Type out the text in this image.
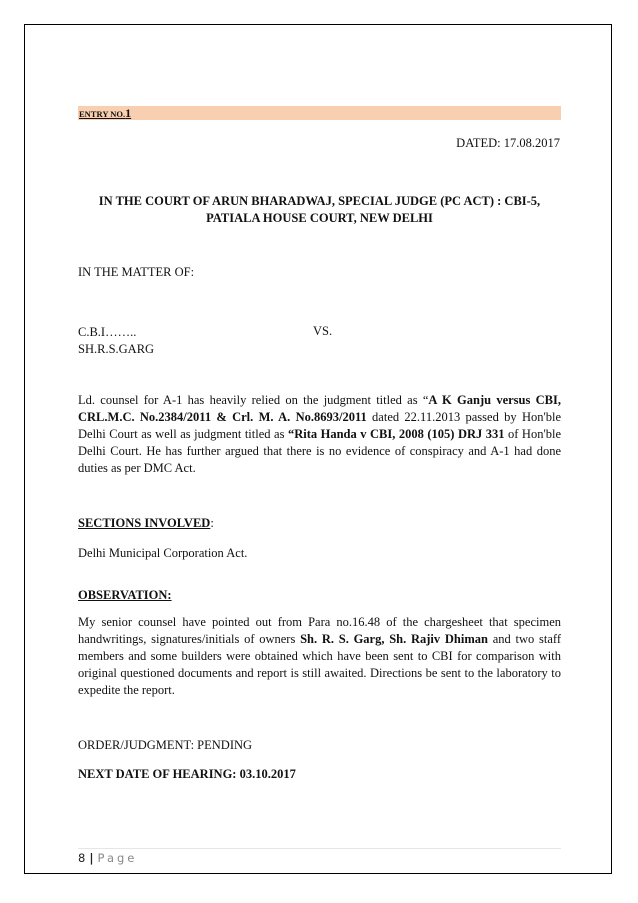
ENTRY NO.1
DATED: 17.08.2017
IN THE COURT OF ARUN BHARADWAJ, SPECIAL JUDGE (PC ACT) : CBI-5,
PATIALA HOUSE COURT, NEW DELHI
IN THE MATTER OF:
C.B.I……..	VS.
SH.R.S.GARG
Ld. counsel for A-1 has heavily relied on the judgment titled as “A K Ganju versus CBI, CRL.M.C. No.2384/2011 & Crl. M. A. No.8693/2011 dated 22.11.2013 passed by Hon'ble Delhi Court as well as judgment titled as “Rita Handa v CBI, 2008 (105) DRJ 331 of Hon'ble Delhi Court. He has further argued that there is no evidence of conspiracy and A-1 had done duties as per DMC Act.
SECTIONS INVOLVED:
Delhi Municipal Corporation Act.
OBSERVATION:
My senior counsel have pointed out from Para no.16.48 of the chargesheet that specimen handwritings, signatures/initials of owners Sh. R. S. Garg, Sh. Rajiv Dhiman and two staff members and some builders were obtained which have been sent to CBI for comparison with original questioned documents and report is still awaited. Directions be sent to the laboratory to expedite the report.
ORDER/JUDGMENT: PENDING
NEXT DATE OF HEARING: 03.10.2017
8 | Page
